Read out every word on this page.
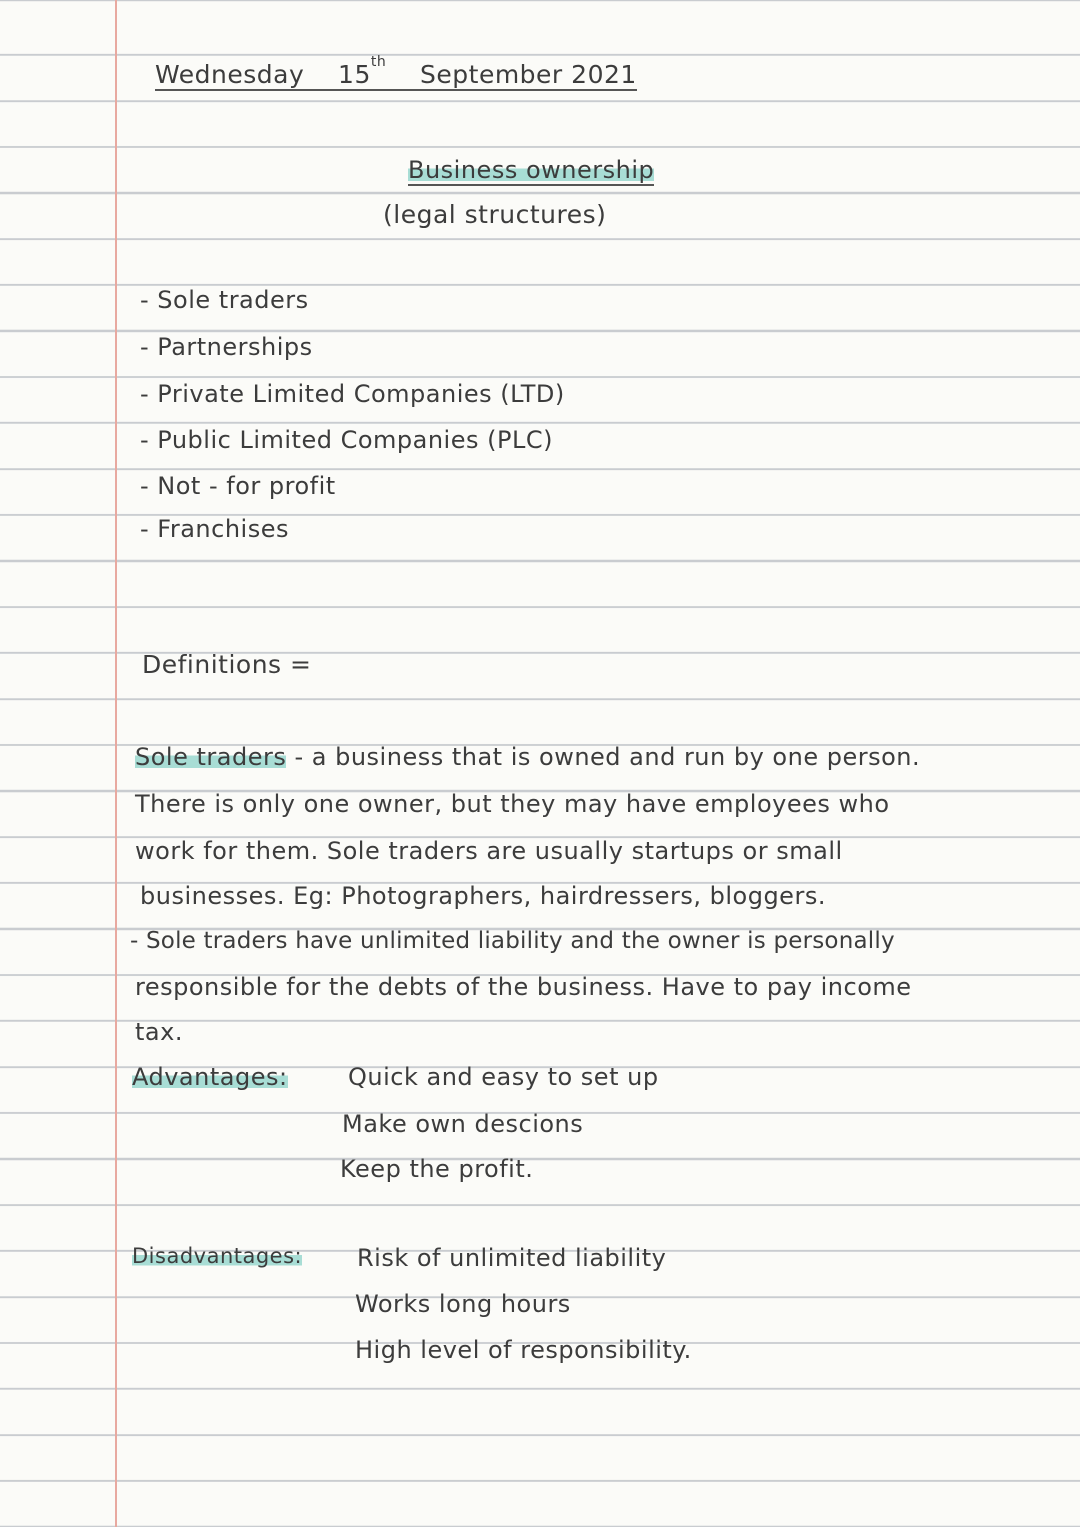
Wednesday 15th September 2021
Business ownership
(legal structures)
- Sole traders
- Partnerships
- Private Limited Companies (LTD)
- Public Limited Companies (PLC)
- Not - for profit
- Franchises
Definitions =
Sole traders - a business that is owned and run by one person.
There is only one owner, but they may have employees who
work for them. Sole traders are usually startups or small
businesses. Eg: Photographers, hairdressers, bloggers.
- Sole traders have unlimited liability and the owner is personally
responsible for the debts of the business. Have to pay income
tax.
Advantages:	Quick and easy to set up
Make own descions
Keep the profit.
Disadvantages: Risk of unlimited liability
Works long hours
High level of responsibility.
